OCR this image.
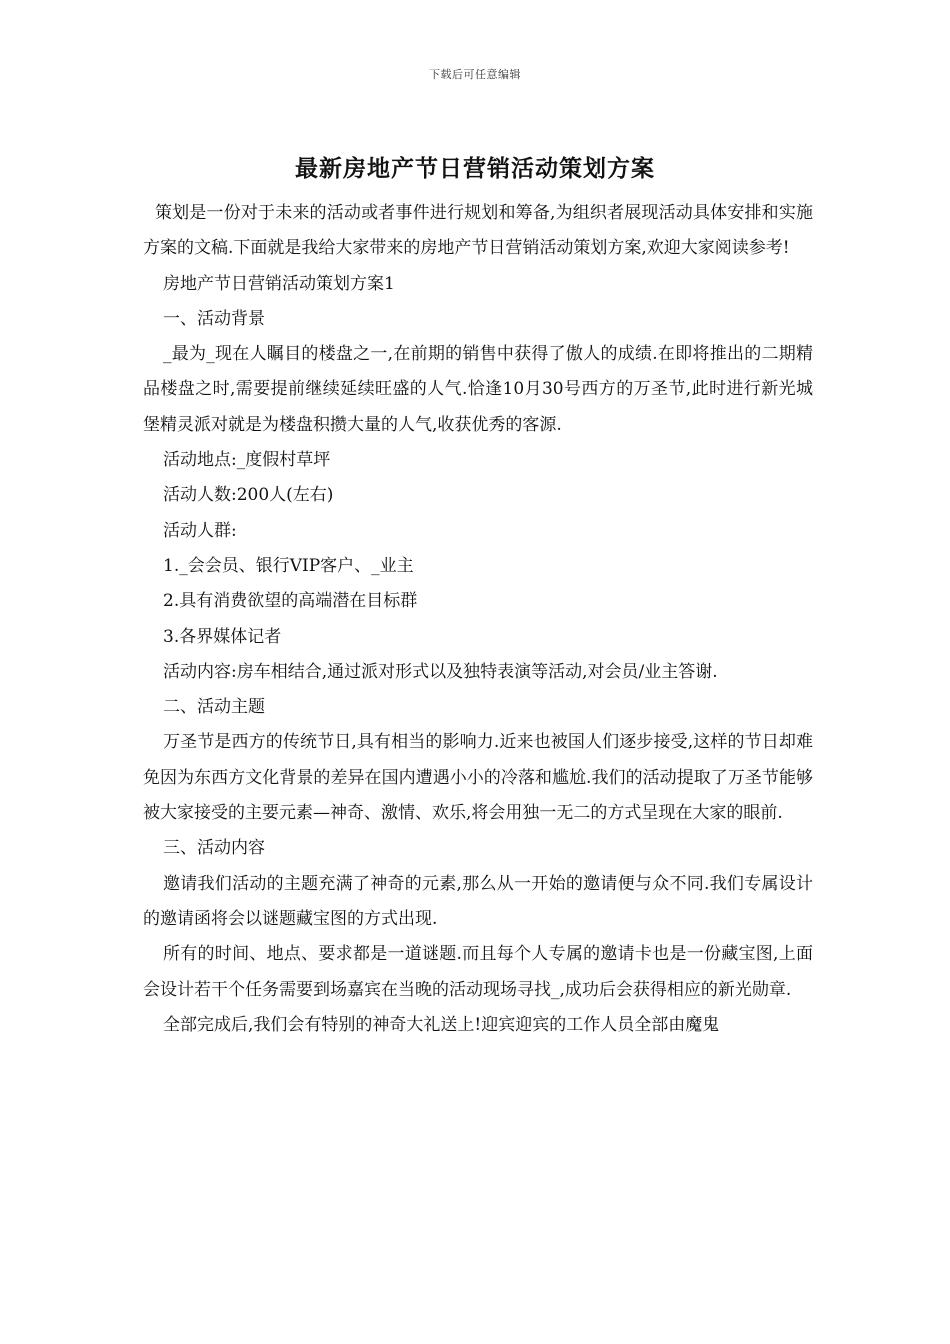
下载后可任意编辑
最新房地产节日营销活动策划方案

策划是一份对于未来的活动或者事件进行规划和筹备,为组织者展现活动具体安排和实施方案的文稿.下面就是我给大家带来的房地产节日营销活动策划方案,欢迎大家阅读参考!

房地产节日营销活动策划方案1

一、活动背景

_最为_现在人瞩目的楼盘之一,在前期的销售中获得了傲人的成绩.在即将推出的二期精品楼盘之时,需要提前继续延续旺盛的人气.恰逢10月30号西方的万圣节,此时进行新光城堡精灵派对就是为楼盘积攒大量的人气,收获优秀的客源.

活动地点:_度假村草坪

活动人数:200人(左右)

活动人群:

1._会会员、银行VIP客户、_业主

2.具有消费欲望的高端潜在目标群

3.各界媒体记者

活动内容:房车相结合,通过派对形式以及独特表演等活动,对会员/业主答谢.

二、活动主题

万圣节是西方的传统节日,具有相当的影响力.近来也被国人们逐步接受,这样的节日却难免因为东西方文化背景的差异在国内遭遇小小的冷落和尴尬.我们的活动提取了万圣节能够被大家接受的主要元素—神奇、激情、欢乐,将会用独一无二的方式呈现在大家的眼前.

三、活动内容

邀请我们活动的主题充满了神奇的元素,那么从一开始的邀请便与众不同.我们专属设计的邀请函将会以谜题藏宝图的方式出现.

所有的时间、地点、要求都是一道谜题.而且每个人专属的邀请卡也是一份藏宝图,上面会设计若干个任务需要到场嘉宾在当晚的活动现场寻找_,成功后会获得相应的新光勋章.

全部完成后,我们会有特别的神奇大礼送上!迎宾迎宾的工作人员全部由魔鬼
